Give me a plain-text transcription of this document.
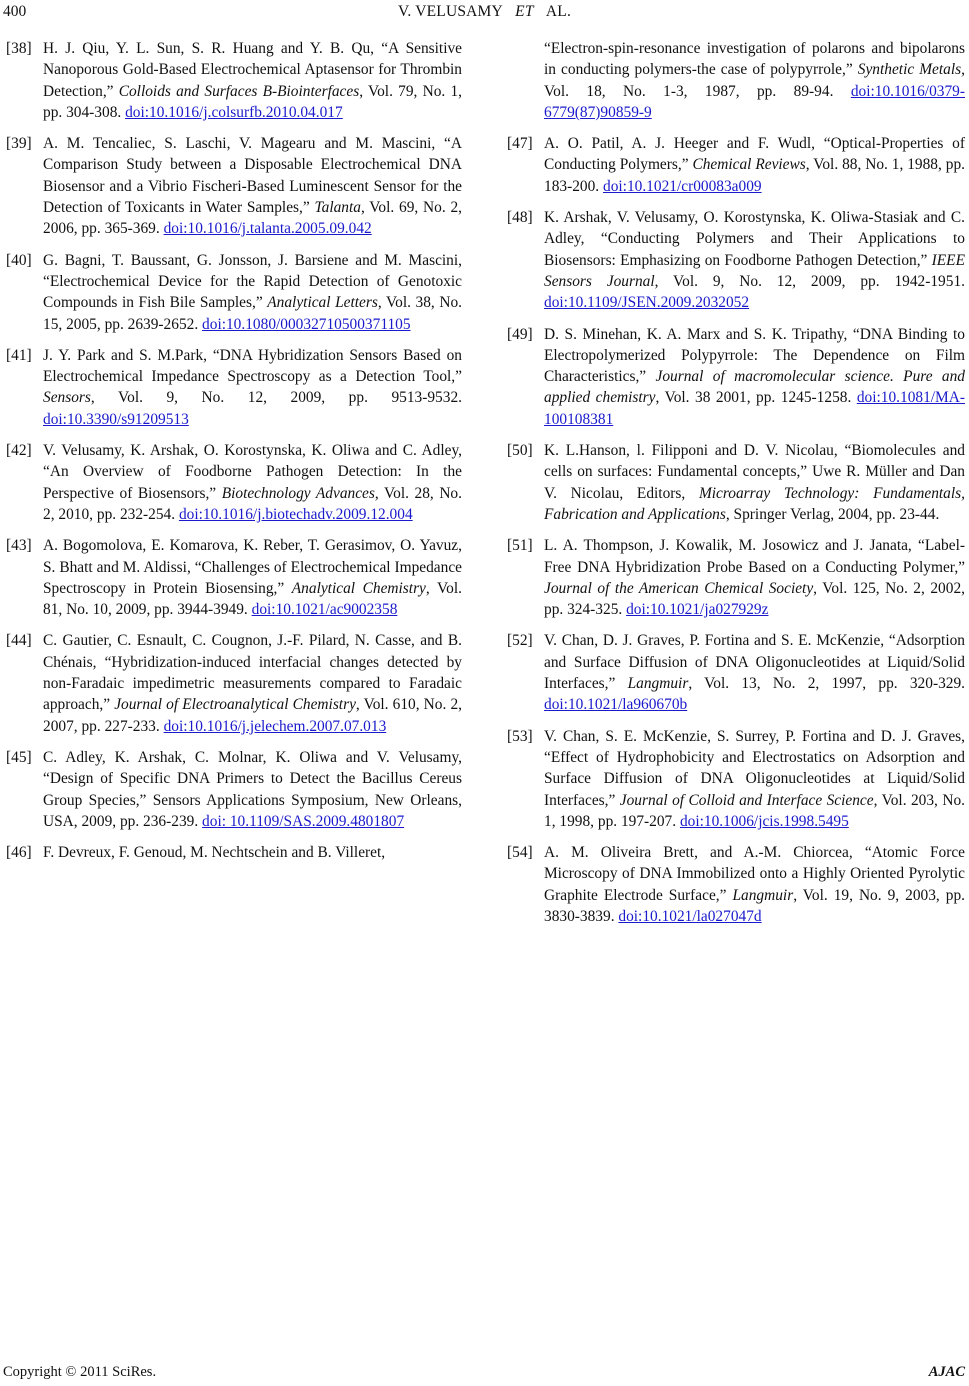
400	V. VELUSAMY ET AL.
[38] H. J. Qiu, Y. L. Sun, S. R. Huang and Y. B. Qu, “A Sensitive Nanoporous Gold-Based Electrochemical Aptasensor for Thrombin Detection,” Colloids and Surfaces B-Biointerfaces, Vol. 79, No. 1, pp. 304-308. doi:10.1016/j.colsurfb.2010.04.017
[39] A. M. Tencaliec, S. Laschi, V. Magearu and M. Mascini, “A Comparison Study between a Disposable Electrochemical DNA Biosensor and a Vibrio Fischeri-Based Luminescent Sensor for the Detection of Toxicants in Water Samples,” Talanta, Vol. 69, No. 2, 2006, pp. 365-369. doi:10.1016/j.talanta.2005.09.042
[40] G. Bagni, T. Baussant, G. Jonsson, J. Barsiene and M. Mascini, “Electrochemical Device for the Rapid Detection of Genotoxic Compounds in Fish Bile Samples,” Analytical Letters, Vol. 38, No. 15, 2005, pp. 2639-2652. doi:10.1080/00032710500371105
[41] J. Y. Park and S. M.Park, “DNA Hybridization Sensors Based on Electrochemical Impedance Spectroscopy as a Detection Tool,” Sensors, Vol. 9, No. 12, 2009, pp. 9513-9532. doi:10.3390/s91209513
[42] V. Velusamy, K. Arshak, O. Korostynska, K. Oliwa and C. Adley, “An Overview of Foodborne Pathogen Detection: In the Perspective of Biosensors,” Biotechnology Advances, Vol. 28, No. 2, 2010, pp. 232-254. doi:10.1016/j.biotechadv.2009.12.004
[43] A. Bogomolova, E. Komarova, K. Reber, T. Gerasimov, O. Yavuz, S. Bhatt and M. Aldissi, “Challenges of Electrochemical Impedance Spectroscopy in Protein Biosensing,” Analytical Chemistry, Vol. 81, No. 10, 2009, pp. 3944-3949. doi:10.1021/ac9002358
[44] C. Gautier, C. Esnault, C. Cougnon, J.-F. Pilard, N. Casse, and B. Chénais, “Hybridization-induced interfacial changes detected by non-Faradaic impedimetric measurements compared to Faradaic approach,” Journal of Electroanalytical Chemistry, Vol. 610, No. 2, 2007, pp. 227-233. doi:10.1016/j.jelechem.2007.07.013
[45] C. Adley, K. Arshak, C. Molnar, K. Oliwa and V. Velusamy, “Design of Specific DNA Primers to Detect the Bacillus Cereus Group Species,” Sensors Applications Symposium, New Orleans, USA, 2009, pp. 236-239. doi: 10.1109/SAS.2009.4801807
[46] F. Devreux, F. Genoud, M. Nechtschein and B. Villeret,
“Electron-spin-resonance investigation of polarons and bipolarons in conducting polymers-the case of polypyrrole,” Synthetic Metals, Vol. 18, No. 1-3, 1987, pp. 89-94. doi:10.1016/0379-6779(87)90859-9
[47] A. O. Patil, A. J. Heeger and F. Wudl, “Optical-Properties of Conducting Polymers,” Chemical Reviews, Vol. 88, No. 1, 1988, pp. 183-200. doi:10.1021/cr00083a009
[48] K. Arshak, V. Velusamy, O. Korostynska, K. Oliwa-Stasiak and C. Adley, “Conducting Polymers and Their Applications to Biosensors: Emphasizing on Foodborne Pathogen Detection,” IEEE Sensors Journal, Vol. 9, No. 12, 2009, pp. 1942-1951. doi:10.1109/JSEN.2009.2032052
[49] D. S. Minehan, K. A. Marx and S. K. Tripathy, “DNA Binding to Electropolymerized Polypyrrole: The Dependence on Film Characteristics,” Journal of macromolecular science. Pure and applied chemistry, Vol. 38 2001, pp. 1245-1258. doi:10.1081/MA-100108381
[50] K. L.Hanson, l. Filipponi and D. V. Nicolau, “Biomolecules and cells on surfaces: Fundamental concepts,” Uwe R. Müller and Dan V. Nicolau, Editors, Microarray Technology: Fundamentals, Fabrication and Applications, Springer Verlag, 2004, pp. 23-44.
[51] L. A. Thompson, J. Kowalik, M. Josowicz and J. Janata, “Label-Free DNA Hybridization Probe Based on a Conducting Polymer,” Journal of the American Chemical Society, Vol. 125, No. 2, 2002, pp. 324-325. doi:10.1021/ja027929z
[52] V. Chan, D. J. Graves, P. Fortina and S. E. McKenzie, “Adsorption and Surface Diffusion of DNA Oligonucleotides at Liquid/Solid Interfaces,” Langmuir, Vol. 13, No. 2, 1997, pp. 320-329. doi:10.1021/la960670b
[53] V. Chan, S. E. McKenzie, S. Surrey, P. Fortina and D. J. Graves, “Effect of Hydrophobicity and Electrostatics on Adsorption and Surface Diffusion of DNA Oligonucleotides at Liquid/Solid Interfaces,” Journal of Colloid and Interface Science, Vol. 203, No. 1, 1998, pp. 197-207. doi:10.1006/jcis.1998.5495
[54] A. M. Oliveira Brett, and A.-M. Chiorcea, “Atomic Force Microscopy of DNA Immobilized onto a Highly Oriented Pyrolytic Graphite Electrode Surface,” Langmuir, Vol. 19, No. 9, 2003, pp. 3830-3839. doi:10.1021/la027047d
Copyright © 2011 SciRes.	AJAC
